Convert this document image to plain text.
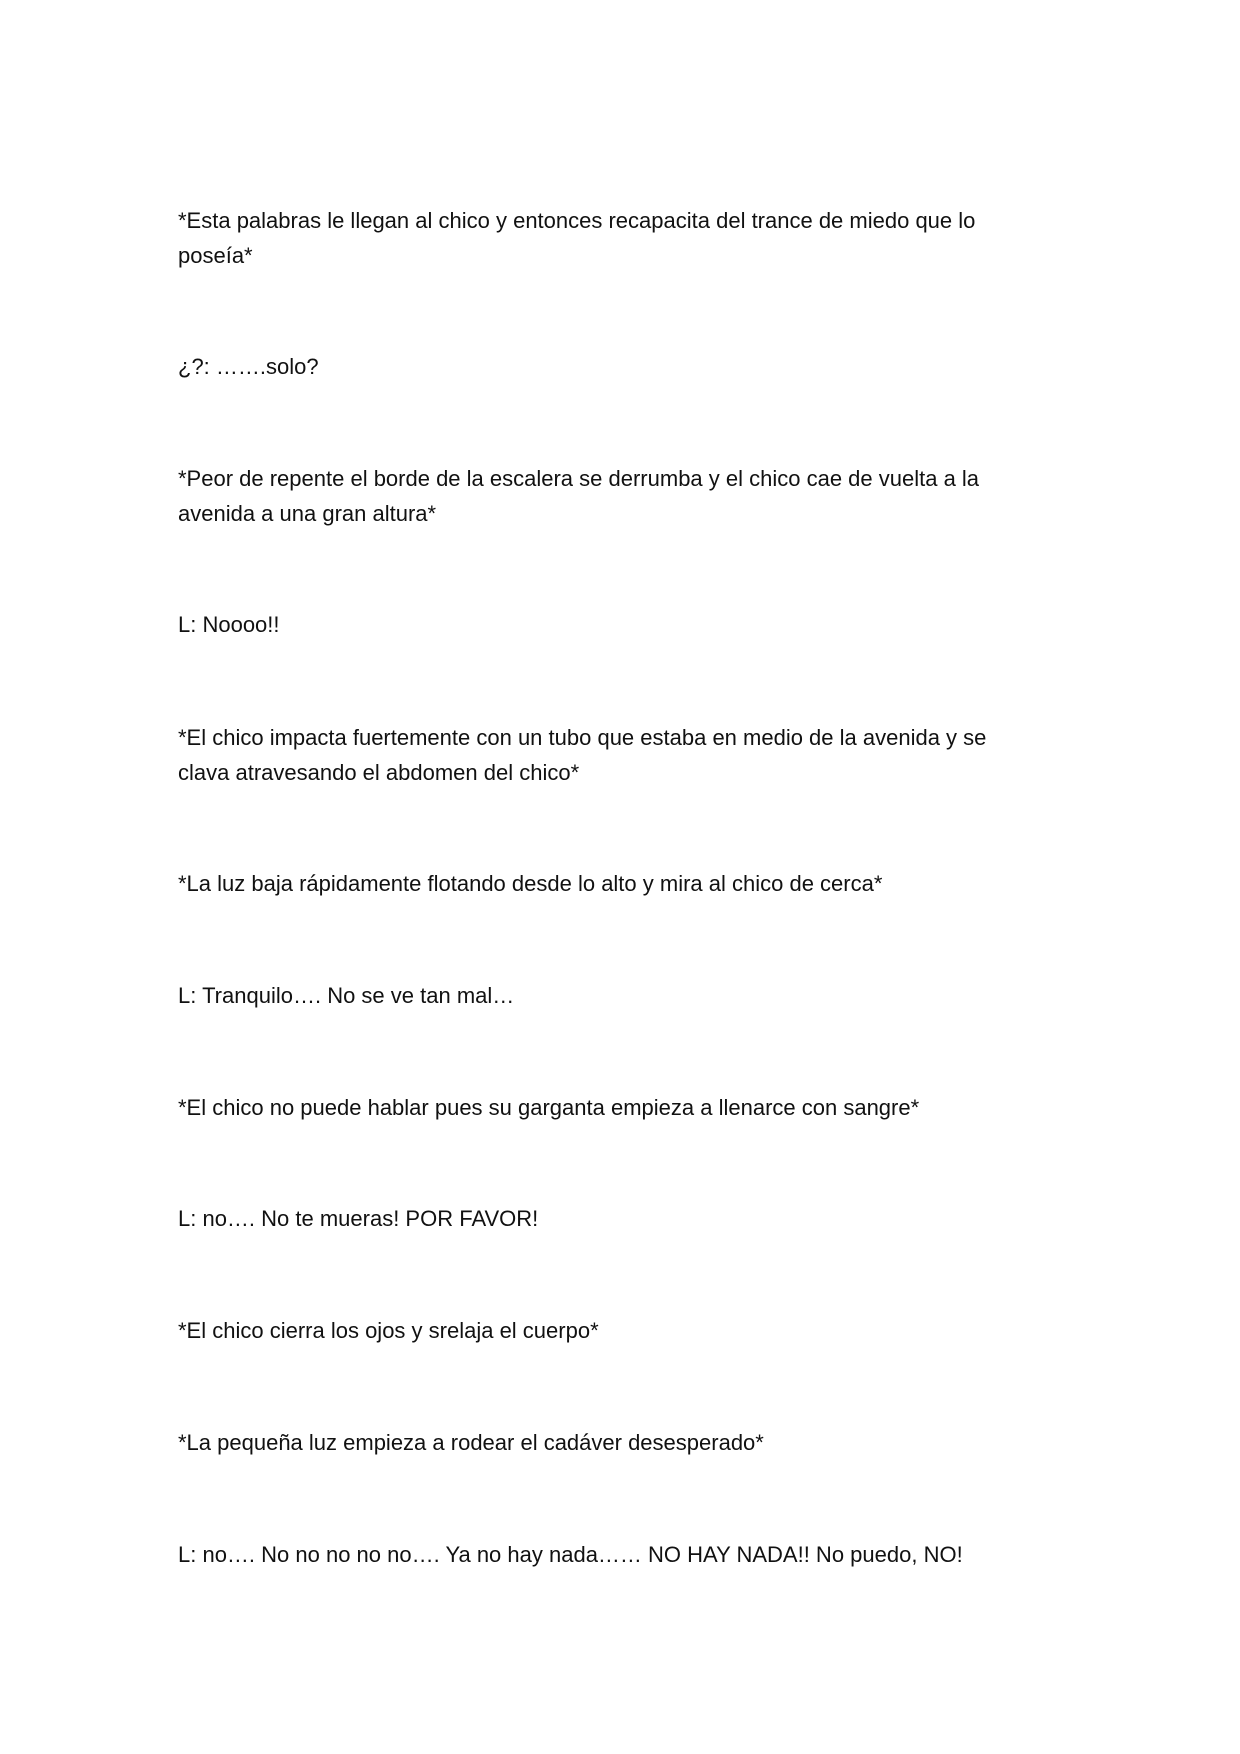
*Esta palabras le llegan al chico y entonces recapacita del trance de miedo que lo poseía*

¿?: …….solo?

*Peor de repente el borde de la escalera se derrumba y el chico cae de vuelta a la avenida a una gran altura*

L: Noooo!!

*El chico impacta fuertemente con un tubo que estaba en medio de la avenida y se clava atravesando el abdomen del chico*

*La luz baja rápidamente flotando desde lo alto y mira al chico de cerca*

L: Tranquilo…. No se ve tan mal…

*El chico no puede hablar pues su garganta empieza a llenarce con sangre*

L: no…. No te mueras! POR FAVOR!

*El chico cierra los ojos y srelaja el cuerpo*

*La pequeña luz empieza a rodear el cadáver desesperado*

L: no…. No no no no no…. Ya no hay nada…… NO HAY NADA!! No puedo, NO!
